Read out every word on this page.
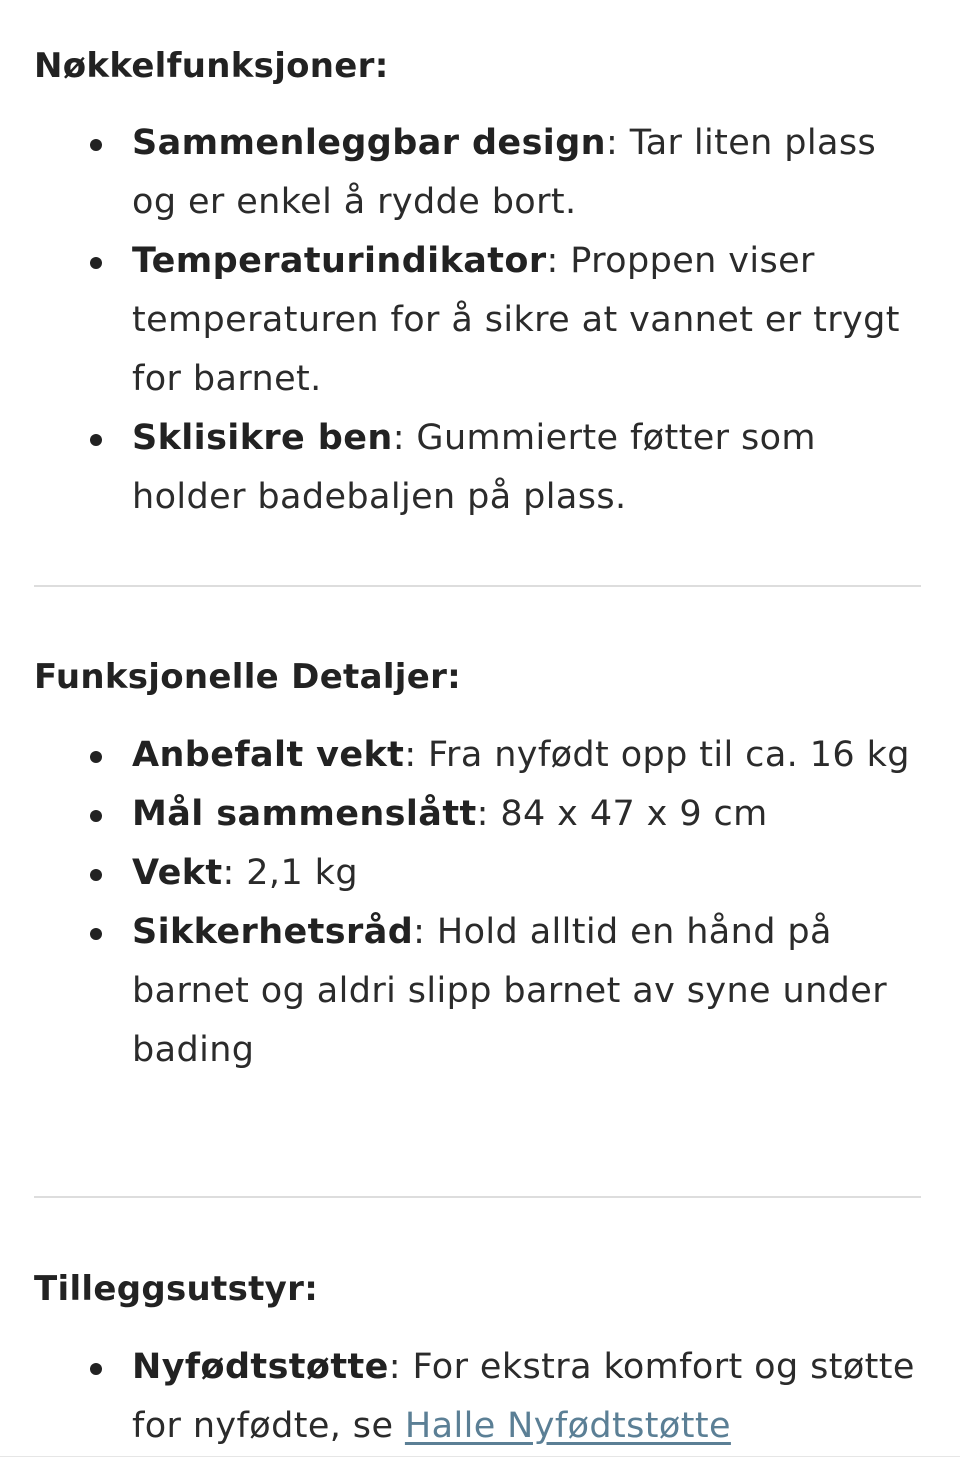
Nøkkelfunksjoner:
Sammenleggbar design: Tar liten plass og er enkel å rydde bort.
Temperaturindikator: Proppen viser temperaturen for å sikre at vannet er trygt for barnet.
Sklisikre ben: Gummierte føtter som holder badebaljen på plass.
Funksjonelle Detaljer:
Anbefalt vekt: Fra nyfødt opp til ca. 16 kg
Mål sammenslått: 84 x 47 x 9 cm
Vekt: 2,1 kg
Sikkerhetsråd: Hold alltid en hånd på barnet og aldri slipp barnet av syne under bading
Tilleggsutstyr:
Nyfødtstøtte: For ekstra komfort og støtte for nyfødte, se Halle Nyfødtstøtte
